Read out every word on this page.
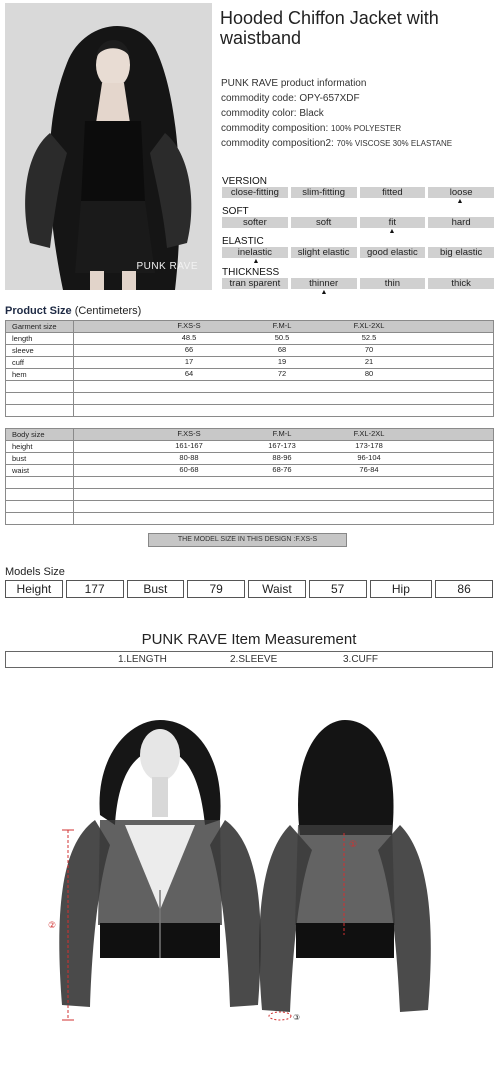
PUNK RAVE
Hooded Chiffon Jacket with waistband
PUNK RAVE product information
commodity code: OPY-657XDF
commodity color: Black
commodity composition: 100% POLYESTER
commodity composition2: 70% VISCOSE 30% ELASTANE
VERSION
close-fitting	slim-fitting	fitted	loose
▲
SOFT
softer	soft	fit	hard
▲
ELASTIC
inelastic	slight elastic	good elastic	big elastic
▲
THICKNESS
tran sparent	thinner	thin	thick
▲
Product Size (Centimeters)
Garment size	F.XS-S F.M-L F.XL-2XL

length	48.5 50.5 52.5

sleeve	66 68 70

cuff	17 19 21

hem	64 72 80

Body size	F.XS-S F.M-L F.XL-2XL

height	161-167 167-173 173-178

bust	80-88 88-96 96-104

waist	60-68 68-76 76-84

THE MODEL SIZE IN THIS DESIGN :F.XS-S
Models Size
Height	177	Bust	79	Waist	57	Hip	86
PUNK RAVE Item Measurement
1.LENGTH	2.SLEEVE	3.CUFF
②
①
③
